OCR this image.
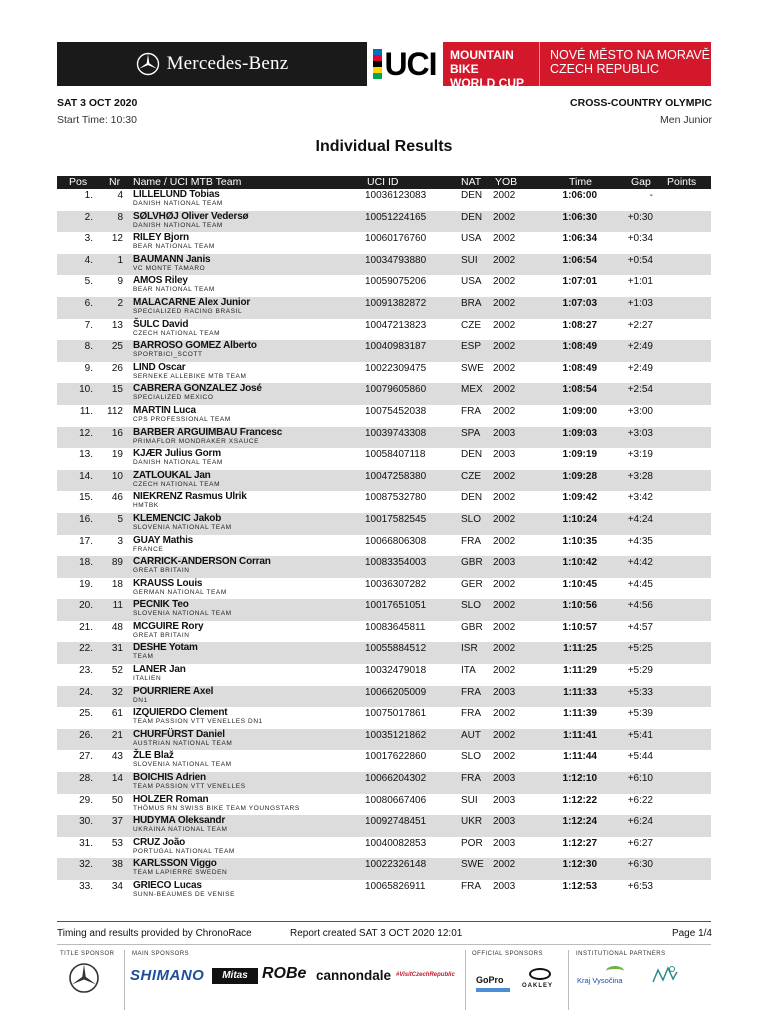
Mercedes-Benz	UCI MOUNTAIN BIKE
WORLD CUP
NOVÉ MĚSTO NA MORAVĚ
CZECH REPUBLIC
SAT 3 OCT 2020
Start Time: 10:30
CROSS-COUNTRY OLYMPIC
Men Junior
Individual Results
Pos Nr Name / UCI MTB Team	UCI ID	NAT YOB	Time	Gap Points
1.	4 LILLELUND Tobias
DANISH NATIONAL TEAM
10036123083	DEN 2002	1:06:00	-
2.	8 SØLVHØJ Oliver Vedersø
DANISH NATIONAL TEAM
10051224165	DEN 2002	1:06:30	+0:30
3.	12 RILEY Bjorn
BEAR NATIONAL TEAM
10060176760	USA 2002	1:06:34	+0:34
4.	1 BAUMANN Janis
VC MONTE TAMARO
10034793880	SUI 2002	1:06:54	+0:54
5.	9 AMOS Riley
BEAR NATIONAL TEAM
10059075206	USA 2002	1:07:01	+1:01
6.	2 MALACARNE Alex Junior
SPECIALIZED RACING BRASIL
10091382872	BRA 2002	1:07:03	+1:03
7.	13 ŠULC David
CZECH NATIONAL TEAM
10047213823	CZE 2002	1:08:27	+2:27
8.	25 BARROSO GOMEZ Alberto
SPORTBICI_SCOTT
10040983187	ESP 2002	1:08:49	+2:49
9.	26 LIND Oscar
SERNEKE ALLEBIKE MTB TEAM
10022309475	SWE 2002	1:08:49	+2:49
10.	15 CABRERA GONZALEZ José
SPECIALIZED MEXICO
10079605860	MEX 2002	1:08:54	+2:54
11.	112 MARTIN Luca
CPS PROFESSIONAL TEAM
10075452038	FRA 2002	1:09:00	+3:00
12.	16 BARBER ARGUIMBAU Francesc
PRIMAFLOR MONDRAKER XSAUCE
10039743308	SPA 2003	1:09:03	+3:03
13.	19 KJÆR Julius Gorm
DANISH NATIONAL TEAM
10058407118	DEN 2003	1:09:19	+3:19
14.	10 ZATLOUKAL Jan
CZECH NATIONAL TEAM
10047258380	CZE 2002	1:09:28	+3:28
15.	46 NIEKRENZ Rasmus Ulrik
HMTBK
10087532780	DEN 2002	1:09:42	+3:42
16.	5 KLEMENCIC Jakob
SLOVENIA NATIONAL TEAM
10017582545	SLO 2002	1:10:24	+4:24
17.	3 GUAY Mathis
FRANCE
10066806308	FRA 2002	1:10:35	+4:35
18.	89 CARRICK-ANDERSON Corran
GREAT BRITAIN
10083354003	GBR 2003	1:10:42	+4:42
19.	18 KRAUSS Louis
GERMAN NATIONAL TEAM
10036307282	GER 2002	1:10:45	+4:45
20.	11 PECNIK Teo
SLOVENIA NATIONAL TEAM
10017651051	SLO 2002	1:10:56	+4:56
21.	48 MCGUIRE Rory
GREAT BRITAIN
10083645811	GBR 2002	1:10:57	+4:57
22.	31 DESHE Yotam
TEAM
10055884512	ISR 2002	1:11:25	+5:25
23.	52 LANER Jan
ITALIEN
10032479018	ITA 2002	1:11:29	+5:29
24.	32 POURRIERE Axel
DN1
10066205009	FRA 2003	1:11:33	+5:33
25.	61 IZQUIERDO Clement
TEAM PASSION VTT VENELLES DN1
10075017861	FRA 2002	1:11:39	+5:39
26.	21 CHURFÜRST Daniel
AUSTRIAN NATIONAL TEAM
10035121862	AUT 2002	1:11:41	+5:41
27.	43 ŽLE Blaž
SLOVENIA NATIONAL TEAM
10017622860	SLO 2002	1:11:44	+5:44
28.	14 BOICHIS Adrien
TEAM PASSION VTT VENELLES
10066204302	FRA 2003	1:12:10	+6:10
29.	50 HOLZER Roman
THÖMUS RN SWISS BIKE TEAM YOUNGSTARS
10080667406	SUI 2003	1:12:22	+6:22
30.	37 HUDYMA Oleksandr
UKRAINA NATIONAL TEAM
10092748451	UKR 2003	1:12:24	+6:24
31.	53 CRUZ João
PORTUGAL NATIONAL TEAM
10040082853	POR 2003	1:12:27	+6:27
32.	38 KARLSSON Viggo
TEAM LAPIERRE SWEDEN
10022326148	SWE 2002	1:12:30	+6:30
33.	34 GRIECO Lucas
SUNN-BEAUMES DE VENISE
10065826911	FRA 2003	1:12:53	+6:53
Timing and results provided by ChronoRace	Report created SAT 3 OCT 2020 12:01	Page 1/4
TITLE SPONSOR	MAIN SPONSORS	OFFICIAL SPONSORS	INSTITUTIONAL PARTNERS
SHIMANO	Mitas ROBe cannondale #VisitCzechRepublic GoPro
OAKLEY
Kraj Vysočina
